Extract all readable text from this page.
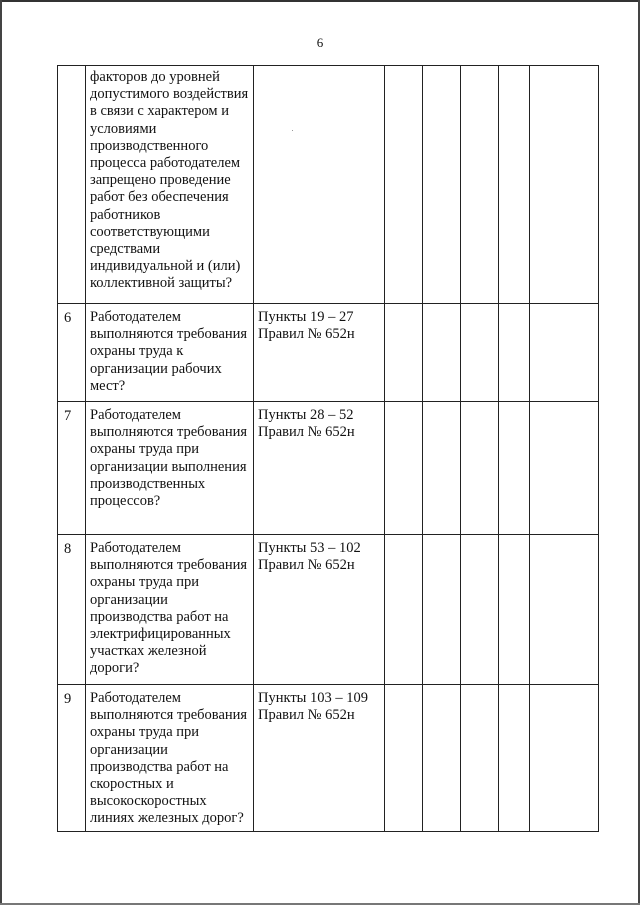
6
	факторов до уровней допустимого воздействия в связи с характером и условиями производственного процесса работодателем запрещено проведение работ без обеспечения работников соответствующими средствами индивидуальной и (или) коллективной защиты?	

6	Работодателем выполняются требования охраны труда к организации рабочих мест?	Пункты 19 – 27
Правил № 652н					

7	Работодателем выполняются требования охраны труда при организации выполнения производственных процессов?	Пункты 28 – 52
Правил № 652н					

8	Работодателем выполняются требования охраны труда при организации производства работ на электрифицированных участках железной дороги?	Пункты 53 – 102
Правил № 652н					

9	Работодателем выполняются требования охраны труда при организации производства работ на скоростных и высокоскоростных линиях железных дорог?	Пункты 103 – 109
Правил № 652н					
